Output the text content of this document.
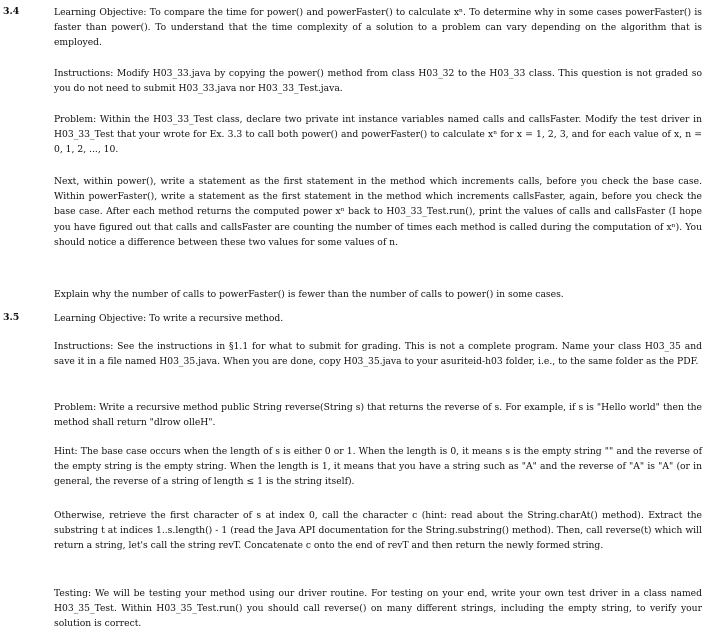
3.4	Learning Objective: To compare the time for power() and powerFaster() to calculate xⁿ. To determine why in some cases powerFaster() is faster than power(). To understand that the time complexity of a solution to a problem can vary depending on the algorithm that is employed.

Instructions: Modify H03_33.java by copying the power() method from class H03_32 to the H03_33 class. This question is not graded so you do not need to submit H03_33.java nor H03_33_Test.java.

Problem: Within the H03_33_Test class, declare two private int instance variables named calls and callsFaster. Modify the test driver in H03_33_Test that your wrote for Ex. 3.3 to call both power() and powerFaster() to calculate xⁿ for x = 1, 2, 3, and for each value of x, n = 0, 1, 2, ..., 10.

Next, within power(), write a statement as the first statement in the method which increments calls, before you check the base case. Within powerFaster(), write a statement as the first statement in the method which increments callsFaster, again, before you check the base case. After each method returns the computed power xⁿ back to H03_33_Test.run(), print the values of calls and callsFaster (I hope you have figured out that calls and callsFaster are counting the number of times each method is called during the computation of xⁿ). You should notice a difference between these two values for some values of n.

Explain why the number of calls to powerFaster() is fewer than the number of calls to power() in some cases.

3.5	Learning Objective: To write a recursive method.

Instructions: See the instructions in §1.1 for what to submit for grading. This is not a complete program. Name your class H03_35 and save it in a file named H03_35.java. When you are done, copy H03_35.java to your asuriteid-h03 folder, i.e., to the same folder as the PDF.

Problem: Write a recursive method public String reverse(String s) that returns the reverse of s. For example, if s is "Hello world" then the method shall return "dlrow olleH".

Hint: The base case occurs when the length of s is either 0 or 1. When the length is 0, it means s is the empty string "" and the reverse of the empty string is the empty string. When the length is 1, it means that you have a string such as "A" and the reverse of "A" is "A" (or in general, the reverse of a string of length ≤ 1 is the string itself).

Otherwise, retrieve the first character of s at index 0, call the character c (hint: read about the String.charAt() method). Extract the substring t at indices 1..s.length() - 1 (read the Java API documentation for the String.substring() method). Then, call reverse(t) which will return a string, let's call the string revT. Concatenate c onto the end of revT and then return the newly formed string.

Testing: We will be testing your method using our driver routine. For testing on your end, write your own test driver in a class named H03_35_Test. Within H03_35_Test.run() you should call reverse() on many different strings, including the empty string, to verify your solution is correct.
